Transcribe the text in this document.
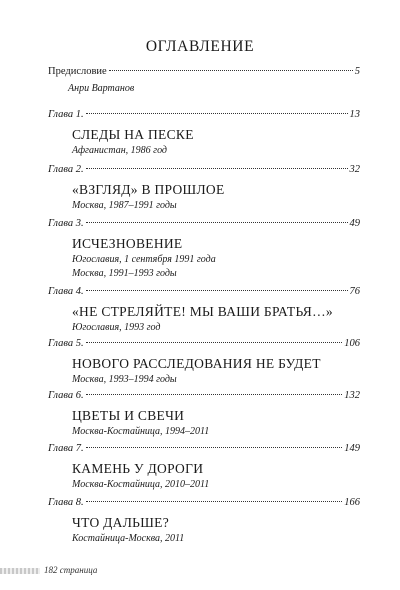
ОГЛАВЛЕНИЕ
Предисловие	5
Анри Вартанов
Глава 1.	13
СЛЕДЫ НА ПЕСКЕ
Афганистан, 1986 год
Глава 2.	32
«ВЗГЛЯД» В ПРОШЛОЕ
Москва, 1987–1991 годы
Глава 3.	49
ИСЧЕЗНОВЕНИЕ
Югославия, 1 сентября 1991 года
Москва, 1991–1993 годы
Глава 4.	76
«НЕ СТРЕЛЯЙТЕ! МЫ ВАШИ БРАТЬЯ…»
Югославия, 1993 год
Глава 5.	106
НОВОГО РАССЛЕДОВАНИЯ НЕ БУДЕТ
Москва, 1993–1994 годы
Глава 6.	132
ЦВЕТЫ И СВЕЧИ
Москва-Костайница, 1994–2011
Глава 7.	149
КАМЕНЬ У ДОРОГИ
Москва-Костайница, 2010–2011
Глава 8.	166
ЧТО ДАЛЬШЕ?
Костайница-Москва, 2011
182 страница
